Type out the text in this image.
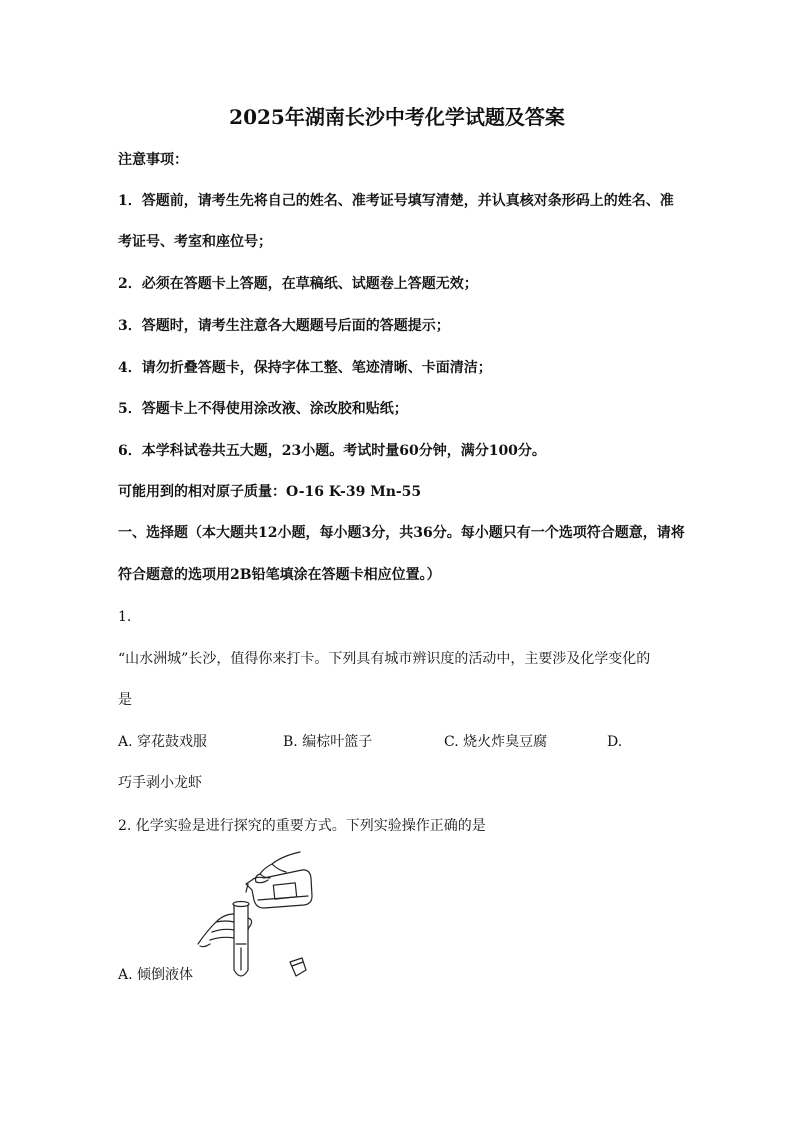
2025年湖南长沙中考化学试题及答案
注意事项：
1．答题前，请考生先将自己的姓名、准考证号填写清楚，并认真核对条形码上的姓名、准
考证号、考室和座位号；
2．必须在答题卡上答题，在草稿纸、试题卷上答题无效；
3．答题时，请考生注意各大题题号后面的答题提示；
4．请勿折叠答题卡，保持字体工整、笔迹清晰、卡面清洁；
5．答题卡上不得使用涂改液、涂改胶和贴纸；
6．本学科试卷共五大题，23小题。考试时量60分钟，满分100分。
可能用到的相对原子质量：O-16 K-39 Mn-55
一、选择题（本大题共12小题，每小题3分，共36分。每小题只有一个选项符合题意，请将
符合题意的选项用2B铅笔填涂在答题卡相应位置。）
1.
“山水洲城”长沙，值得你来打卡。下列具有城市辨识度的活动中，主要涉及化学变化的
是
A. 穿花鼓戏服	B. 编棕叶篮子	C. 烧火炸臭豆腐	D.
巧手剥小龙虾
2. 化学实验是进行探究的重要方式。下列实验操作正确的是
A. 倾倒液体
